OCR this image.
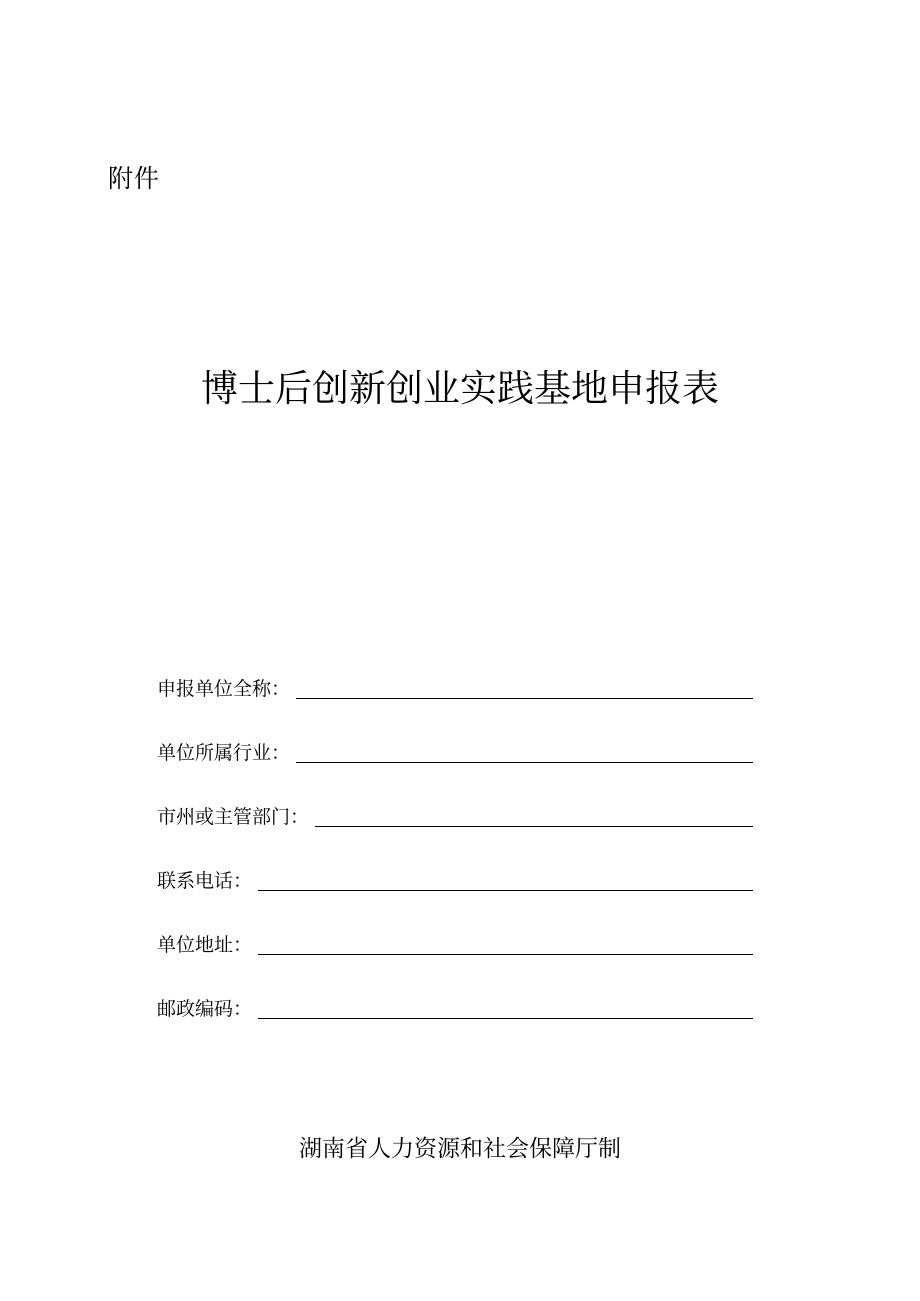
附件
博士后创新创业实践基地申报表
申报单位全称：
单位所属行业：
市州或主管部门：
联系电话：
单位地址：
邮政编码：
湖南省人力资源和社会保障厅制
